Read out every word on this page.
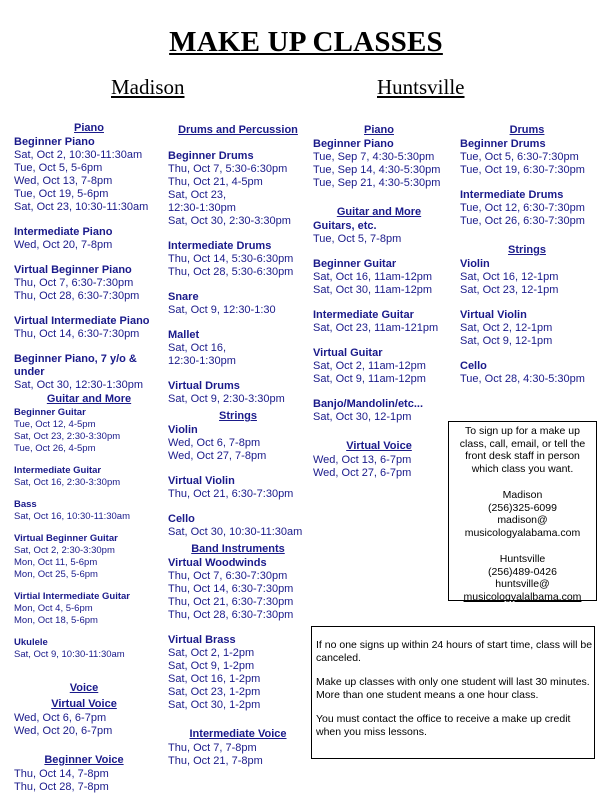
MAKE UP CLASSES
Madison	Huntsville
Piano
Beginner Piano
Sat, Oct 2, 10:30-11:30am
Tue, Oct 5, 5-6pm
Wed, Oct 13, 7-8pm
Tue, Oct 19, 5-6pm
Sat, Oct 23, 10:30-11:30am
Intermediate Piano
Wed, Oct 20, 7-8pm
Virtual Beginner Piano
Thu, Oct 7, 6:30-7:30pm
Thu, Oct 28, 6:30-7:30pm
Virtual Intermediate Piano
Thu, Oct 14, 6:30-7:30pm
Beginner Piano, 7 y/o &
under
Sat, Oct 30, 12:30-1:30pm
Guitar and More
Beginner Guitar
Tue, Oct 12, 4-5pm
Sat, Oct 23, 2:30-3:30pm
Tue, Oct 26, 4-5pm
Intermediate Guitar
Sat, Oct 16, 2:30-3:30pm
Bass
Sat, Oct 16, 10:30-11:30am
Virtual Beginner Guitar
Sat, Oct 2, 2:30-3:30pm
Mon, Oct 11, 5-6pm
Mon, Oct 25, 5-6pm
Virtial Intermediate Guitar
Mon, Oct 4, 5-6pm
Mon, Oct 18, 5-6pm
Ukulele
Sat, Oct 9, 10:30-11:30am
Voice
Virtual Voice
Wed, Oct 6, 6-7pm
Wed, Oct 20, 6-7pm
Beginner Voice
Thu, Oct 14, 7-8pm
Thu, Oct 28, 7-8pm
Drums and Percussion
Beginner Drums
Thu, Oct 7, 5:30-6:30pm
Thu, Oct 21, 4-5pm
Sat, Oct 23,
12:30-1:30pm
Sat, Oct 30, 2:30-3:30pm
Intermediate Drums
Thu, Oct 14, 5:30-6:30pm
Thu, Oct 28, 5:30-6:30pm
Snare
Sat, Oct 9, 12:30-1:30
Mallet
Sat, Oct 16,
12:30-1:30pm
Virtual Drums
Sat, Oct 9, 2:30-3:30pm
Strings
Violin
Wed, Oct 6, 7-8pm
Wed, Oct 27, 7-8pm
Virtual Violin
Thu, Oct 21, 6:30-7:30pm
Cello
Sat, Oct 30, 10:30-11:30am
Band Instruments
Virtual Woodwinds
Thu, Oct 7, 6:30-7:30pm
Thu, Oct 14, 6:30-7:30pm
Thu, Oct 21, 6:30-7:30pm
Thu, Oct 28, 6:30-7:30pm
Virtual Brass
Sat, Oct 2, 1-2pm
Sat, Oct 9, 1-2pm
Sat, Oct 16, 1-2pm
Sat, Oct 23, 1-2pm
Sat, Oct 30, 1-2pm
Intermediate Voice
Thu, Oct 7, 7-8pm
Thu, Oct 21, 7-8pm
Piano
Beginner Piano
Tue, Sep 7, 4:30-5:30pm
Tue, Sep 14, 4:30-5:30pm
Tue, Sep 21, 4:30-5:30pm
Guitar and More
Guitars, etc.
Tue, Oct 5, 7-8pm
Beginner Guitar
Sat, Oct 16, 11am-12pm
Sat, Oct 30, 11am-12pm
Intermediate Guitar
Sat, Oct 23, 11am-121pm
Virtual Guitar
Sat, Oct 2, 11am-12pm
Sat, Oct 9, 11am-12pm
Banjo/Mandolin/etc...
Sat, Oct 30, 12-1pm
Virtual Voice
Wed, Oct 13, 6-7pm
Wed, Oct 27, 6-7pm
Drums
Beginner Drums
Tue, Oct 5, 6:30-7:30pm
Tue, Oct 19, 6:30-7:30pm
Intermediate Drums
Tue, Oct 12, 6:30-7:30pm
Tue, Oct 26, 6:30-7:30pm
Strings
Violin
Sat, Oct 16, 12-1pm
Sat, Oct 23, 12-1pm
Virtual Violin
Sat, Oct 2, 12-1pm
Sat, Oct 9, 12-1pm
Cello
Tue, Oct 28, 4:30-5:30pm

To sign up for a make up

class, call, email, or tell the

front desk staff in person

which class you want.

Madison

(256)325-6099

madison@

musicologyalabama.com

Huntsville

(256)489-0426

huntsville@

musicologyalalbama.com

If no one signs up within 24 hours of start time, class will be canceled.

Make up classes with only one student will last 30 minutes. More than one student means a one hour class.

You must contact the office to receive a make up credit when you miss lessons.
